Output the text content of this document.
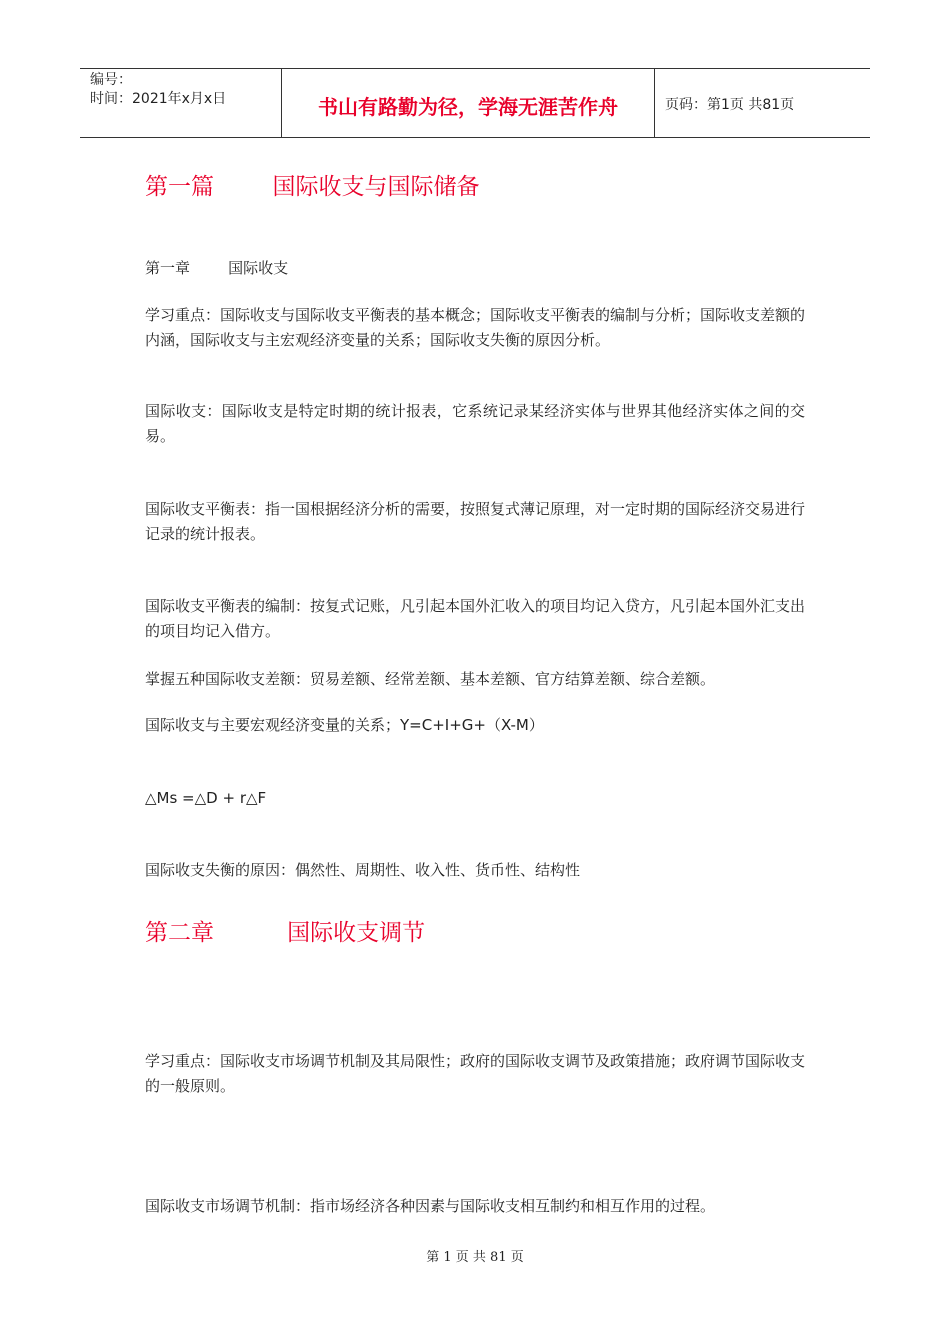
编号：
时间：2021年x月x日	书山有路勤为径，学海无涯苦作舟	页码：第1页 共81页
第一篇        国际收支与国际储备
第一章        国际收支
学习重点：国际收支与国际收支平衡表的基本概念；国际收支平衡表的编制与分析；国际收支差额的内涵，国际收支与主宏观经济变量的关系；国际收支失衡的原因分析。
国际收支：国际收支是特定时期的统计报表，它系统记录某经济实体与世界其他经济实体之间的交易。
国际收支平衡表：指一国根据经济分析的需要，按照复式薄记原理，对一定时期的国际经济交易进行记录的统计报表。
国际收支平衡表的编制：按复式记账，凡引起本国外汇收入的项目均记入贷方，凡引起本国外汇支出的项目均记入借方。
掌握五种国际收支差额：贸易差额、经常差额、基本差额、官方结算差额、综合差额。
国际收支与主要宏观经济变量的关系；Y=C+I+G+（X-M）
△Ms =△D + r△F
国际收支失衡的原因：偶然性、周期性、收入性、货币性、结构性
第二章          国际收支调节
学习重点：国际收支市场调节机制及其局限性；政府的国际收支调节及政策措施；政府调节国际收支的一般原则。
国际收支市场调节机制：指市场经济各种因素与国际收支相互制约和相互作用的过程。
第 1 页 共 81 页
